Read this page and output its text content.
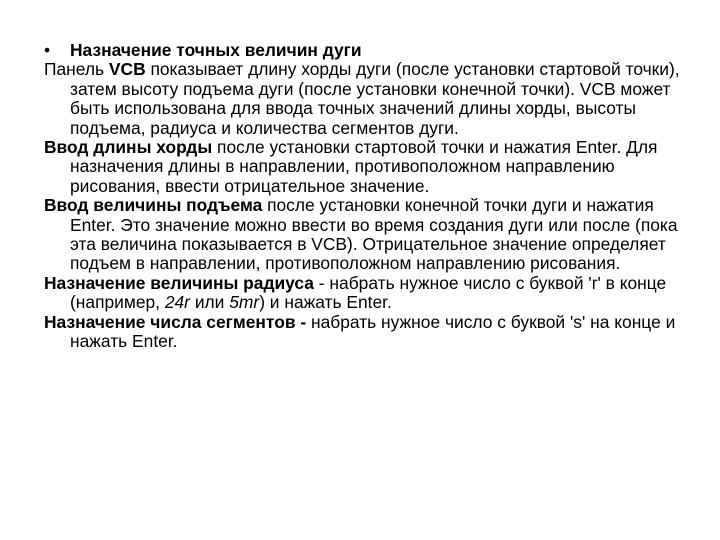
• Назначение точных величин дуги

Панель VCB показывает длину хорды дуги (после установки стартовой точки), затем высоту подъема дуги (после установки конечной точки). VCB может быть использована для ввода точных значений длины хорды, высоты подъема, радиуса и количества сегментов дуги.

Ввод длины хорды после установки стартовой точки и нажатия Enter. Для назначения длины в направлении, противоположном направлению рисования, ввести отрицательное значение.

Ввод величины подъема после установки конечной точки дуги и нажатия Enter. Это значение можно ввести во время создания дуги или после (пока эта величина показывается в VCB). Отрицательное значение определяет подъем в направлении, противоположном направлению рисования.

Назначение величины радиуса - набрать нужное число с буквой 'r' в конце (например, 24r или 5mr) и нажать Enter.

Назначение числа сегментов - набрать нужное число с буквой 's' на конце и нажать Enter.
